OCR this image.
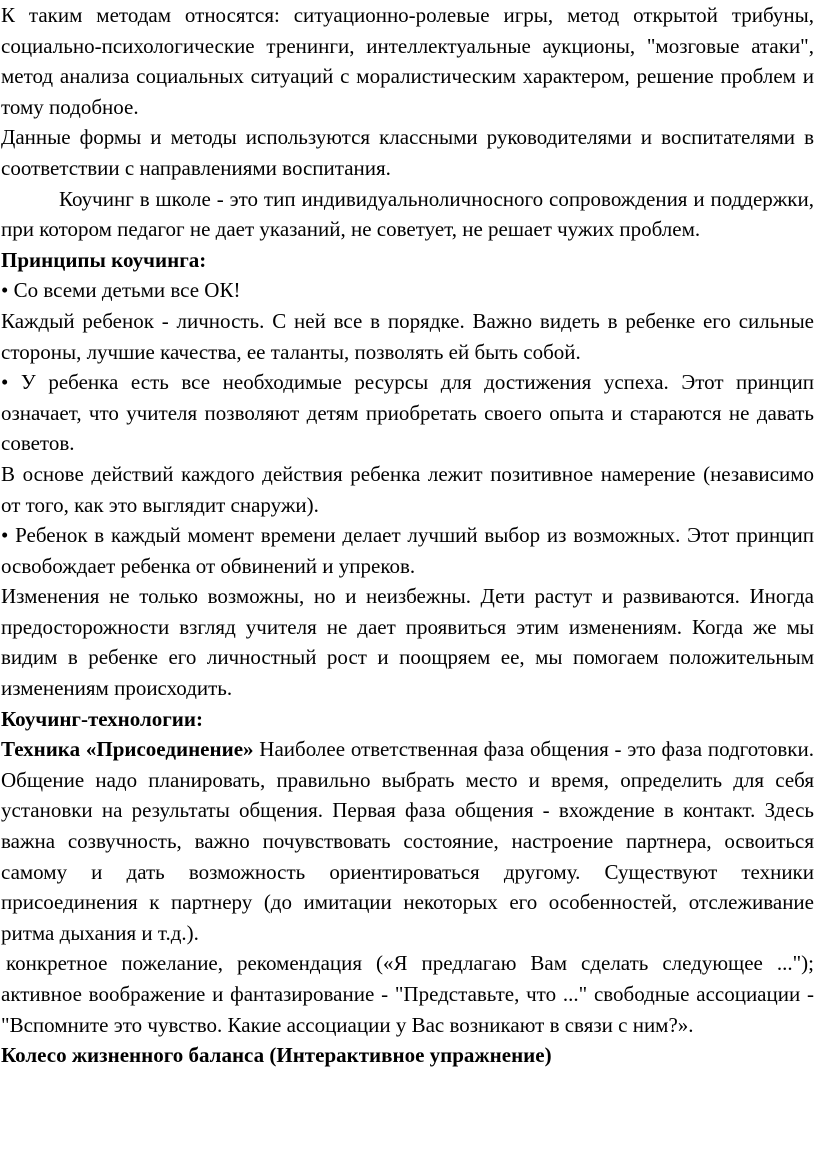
К таким методам относятся: ситуационно-ролевые игры, метод открытой трибуны, социально-психологические тренинги, интеллектуальные аукционы, "мозговые атаки", метод анализа социальных ситуаций с моралистическим характером, решение проблем и тому подобное.

Данные формы и методы используются классными руководителями и воспитателями в соответствии с направлениями воспитания.

Коучинг в школе - это тип индивидуальноличносного сопровождения и поддержки, при котором педагог не дает указаний, не советует, не решает чужих проблем.

Принципы коучинга:

• Со всеми детьми все ОК!

Каждый ребенок - личность. С ней все в порядке. Важно видеть в ребенке его сильные стороны, лучшие качества, ее таланты, позволять ей быть собой.

• У ребенка есть все необходимые ресурсы для достижения успеха. Этот принцип означает, что учителя позволяют детям приобретать своего опыта и стараются не давать советов.

В основе действий каждого действия ребенка лежит позитивное намерение (независимо от того, как это выглядит снаружи).

• Ребенок в каждый момент времени делает лучший выбор из возможных. Этот принцип освобождает ребенка от обвинений и упреков.

Изменения не только возможны, но и неизбежны. Дети растут и развиваются. Иногда предосторожности взгляд учителя не дает проявиться этим изменениям. Когда же мы видим в ребенке его личностный рост и поощряем ее, мы помогаем положительным изменениям происходить.

Коучинг-технологии:

Техника «Присоединение» Наиболее ответственная фаза общения - это фаза подготовки. Общение надо планировать, правильно выбрать место и время, определить для себя установки на результаты общения. Первая фаза общения - вхождение в контакт. Здесь важна созвучность, важно почувствовать состояние, настроение партнера, освоиться самому и дать возможность ориентироваться другому. Существуют техники присоединения к партнеру (до имитации некоторых его особенностей, отслеживание ритма дыхания и т.д.).

конкретное пожелание, рекомендация («Я предлагаю Вам сделать следующее ..."); активное воображение и фантазирование - "Представьте, что ..." свободные ассоциации - "Вспомните это чувство. Какие ассоциации у Вас возникают в связи с ним?».

Колесо жизненного баланса (Интерактивное упражнение)
